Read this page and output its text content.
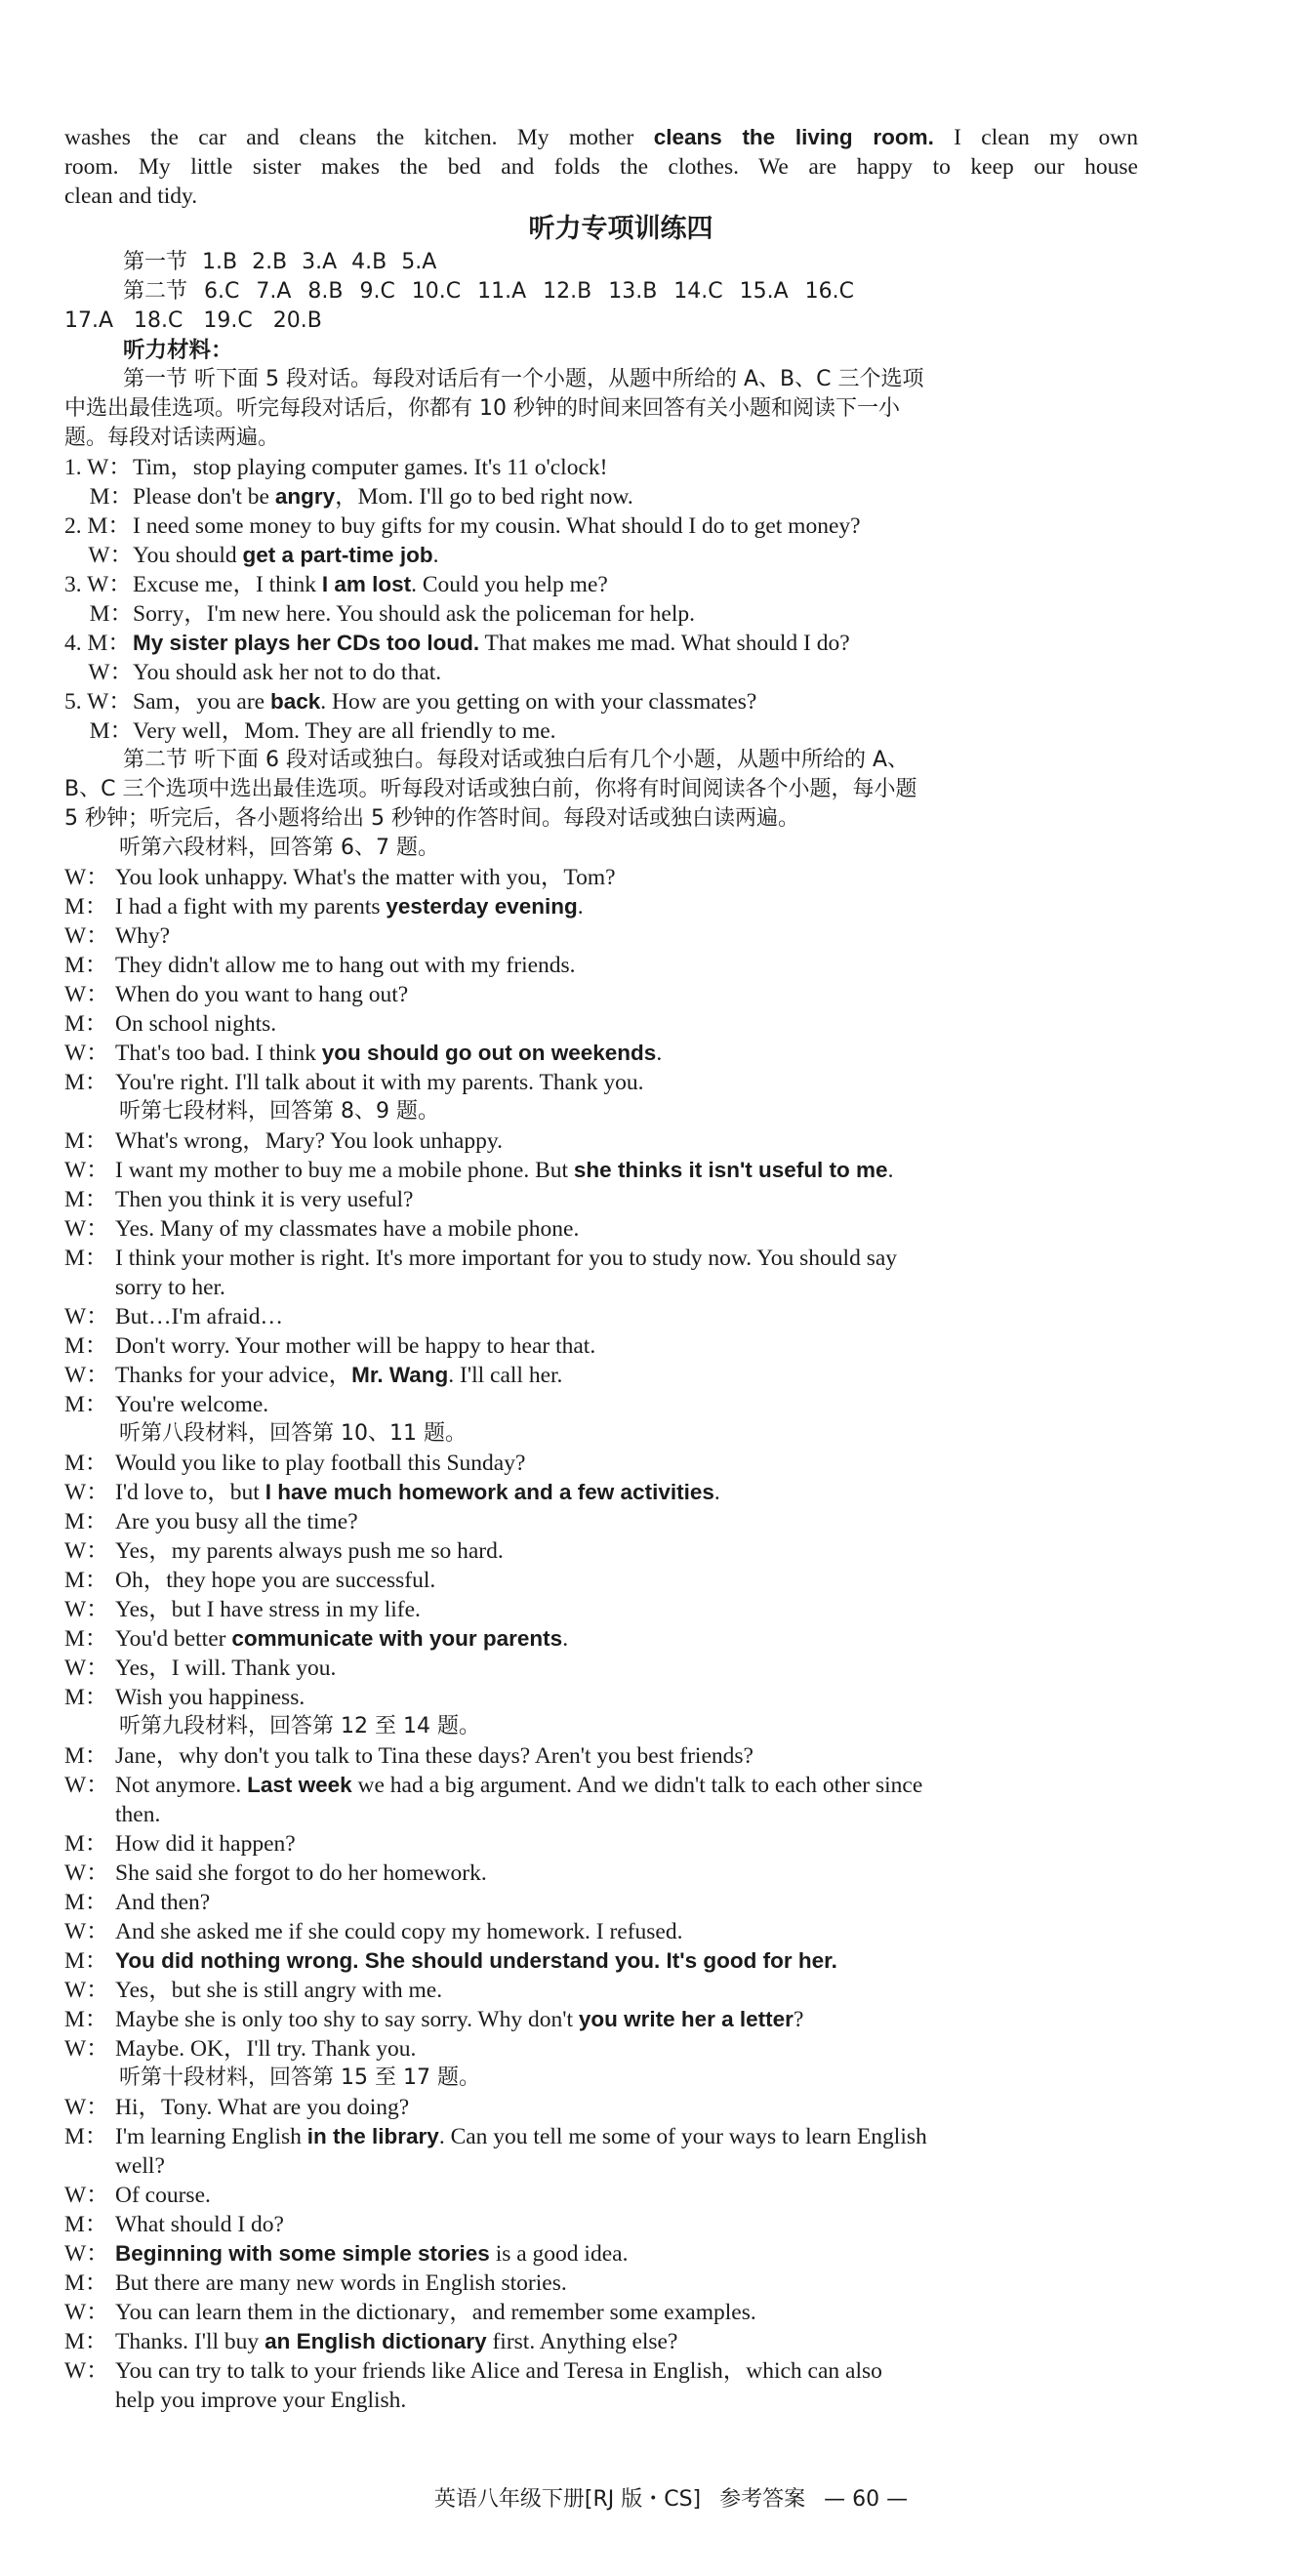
washes the car and cleans the kitchen. My mother cleans the living room. I clean my own
room. My little sister makes the bed and folds the clothes. We are happy to keep our house
clean and tidy.
听力专项训练四
第一节 1.B 2.B 3.A 4.B 5.A
第二节 6.C 7.A 8.B 9.C 10.C 11.A 12.B 13.B 14.C 15.A 16.C
17.A 18.C 19.C 20.B
听力材料：
第一节 听下面 5 段对话。每段对话后有一个小题，从题中所给的 A、B、C 三个选项
中选出最佳选项。听完每段对话后，你都有 10 秒钟的时间来回答有关小题和阅读下一小
题。每段对话读两遍。
1. W：Tim，stop playing computer games. It's 11 o'clock!
M：Please don't be angry，Mom. I'll go to bed right now.
2. M：I need some money to buy gifts for my cousin. What should I do to get money?
W：You should get a part-time job.
3. W：Excuse me，I think I am lost. Could you help me?
M：Sorry，I'm new here. You should ask the policeman for help.
4. M：My sister plays her CDs too loud. That makes me mad. What should I do?
W：You should ask her not to do that.
5. W：Sam，you are back. How are you getting on with your classmates?
M：Very well，Mom. They are all friendly to me.
第二节 听下面 6 段对话或独白。每段对话或独白后有几个小题，从题中所给的 A、
B、C 三个选项中选出最佳选项。听每段对话或独白前，你将有时间阅读各个小题，每小题
5 秒钟；听完后，各小题将给出 5 秒钟的作答时间。每段对话或独白读两遍。
听第六段材料，回答第 6、7 题。
W： You look unhappy. What's the matter with you，Tom?
M： I had a fight with my parents yesterday evening.
W： Why?
M： They didn't allow me to hang out with my friends.
W： When do you want to hang out?
M： On school nights.
W： That's too bad. I think you should go out on weekends.
M： You're right. I'll talk about it with my parents. Thank you.
听第七段材料，回答第 8、9 题。
M： What's wrong，Mary? You look unhappy.
W： I want my mother to buy me a mobile phone. But she thinks it isn't useful to me.
M： Then you think it is very useful?
W： Yes. Many of my classmates have a mobile phone.
M： I think your mother is right. It's more important for you to study now. You should say
sorry to her.
W： But…I'm afraid…
M： Don't worry. Your mother will be happy to hear that.
W： Thanks for your advice，Mr. Wang. I'll call her.
M： You're welcome.
听第八段材料，回答第 10、11 题。
M： Would you like to play football this Sunday?
W： I'd love to，but I have much homework and a few activities.
M： Are you busy all the time?
W： Yes，my parents always push me so hard.
M： Oh，they hope you are successful.
W： Yes，but I have stress in my life.
M： You'd better communicate with your parents.
W： Yes，I will. Thank you.
M： Wish you happiness.
听第九段材料，回答第 12 至 14 题。
M： Jane，why don't you talk to Tina these days? Aren't you best friends?
W： Not anymore. Last week we had a big argument. And we didn't talk to each other since
then.
M： How did it happen?
W： She said she forgot to do her homework.
M： And then?
W： And she asked me if she could copy my homework. I refused.
M： You did nothing wrong. She should understand you. It's good for her.
W： Yes，but she is still angry with me.
M： Maybe she is only too shy to say sorry. Why don't you write her a letter?
W： Maybe. OK，I'll try. Thank you.
听第十段材料，回答第 15 至 17 题。
W： Hi，Tony. What are you doing?
M： I'm learning English in the library. Can you tell me some of your ways to learn English
well?
W： Of course.
M： What should I do?
W： Beginning with some simple stories is a good idea.
M： But there are many new words in English stories.
W： You can learn them in the dictionary，and remember some examples.
M： Thanks. I'll buy an English dictionary first. Anything else?
W： You can try to talk to your friends like Alice and Teresa in English，which can also
help you improve your English.
英语八年级下册[RJ 版・CS] 参考答案 — 60 —
